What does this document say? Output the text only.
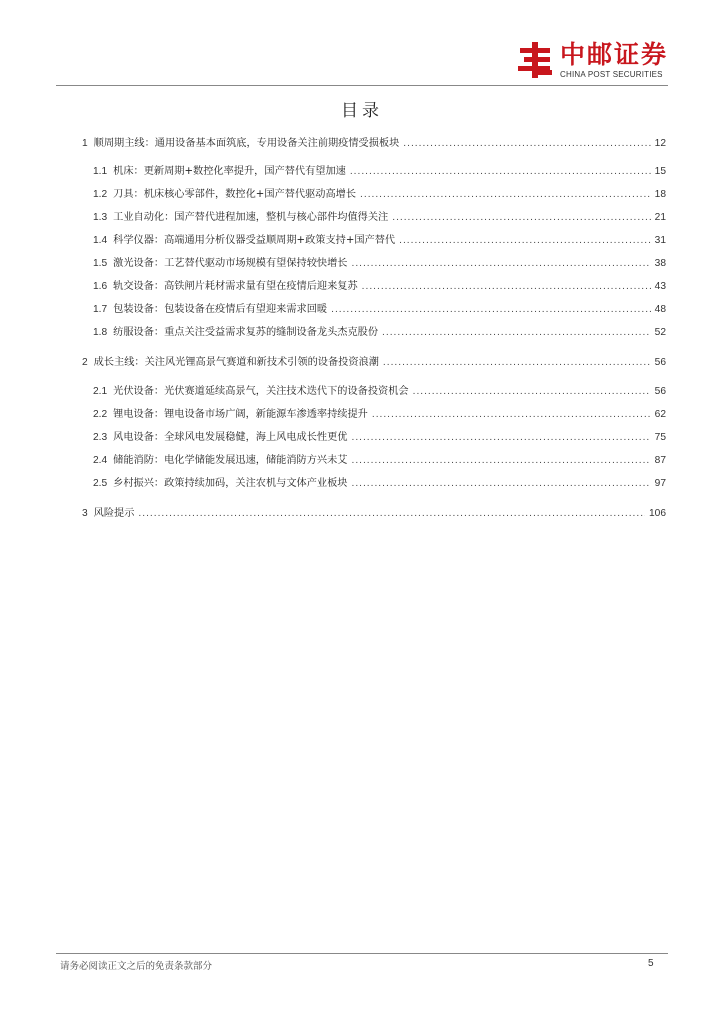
中邮证券
CHINA POST SECURITIES
目录
1 顺周期主线：通用设备基本面筑底，专用设备关注前期疫情受损板块 .....	12
1.1 机床：更新周期+数控化率提升，国产替代有望加速 .....	15
1.2 刀具：机床核心零部件，数控化+国产替代驱动高增长 .....	18
1.3 工业自动化：国产替代进程加速，整机与核心部件均值得关注 .....	21
1.4 科学仪器：高端通用分析仪器受益顺周期+政策支持+国产替代 .....	31
1.5 激光设备：工艺替代驱动市场规模有望保持较快增长 .....	38
1.6 轨交设备：高铁闸片耗材需求量有望在疫情后迎来复苏 .....	43
1.7 包装设备：包装设备在疫情后有望迎来需求回暖 .....	48
1.8 纺服设备：重点关注受益需求复苏的缝制设备龙头杰克股份 .....	52
2 成长主线：关注风光锂高景气赛道和新技术引领的设备投资浪潮 .....	56
2.1 光伏设备：光伏赛道延续高景气，关注技术迭代下的设备投资机会 .....	56
2.2 锂电设备：锂电设备市场广阔，新能源车渗透率持续提升 .....	62
2.3 风电设备：全球风电发展稳健，海上风电成长性更优 .....	75
2.4 储能消防：电化学储能发展迅速，储能消防方兴未艾 .....	87
2.5 乡村振兴：政策持续加码，关注农机与文体产业板块 .....	97
3 风险提示 .....	106
请务必阅读正文之后的免责条款部分	5
